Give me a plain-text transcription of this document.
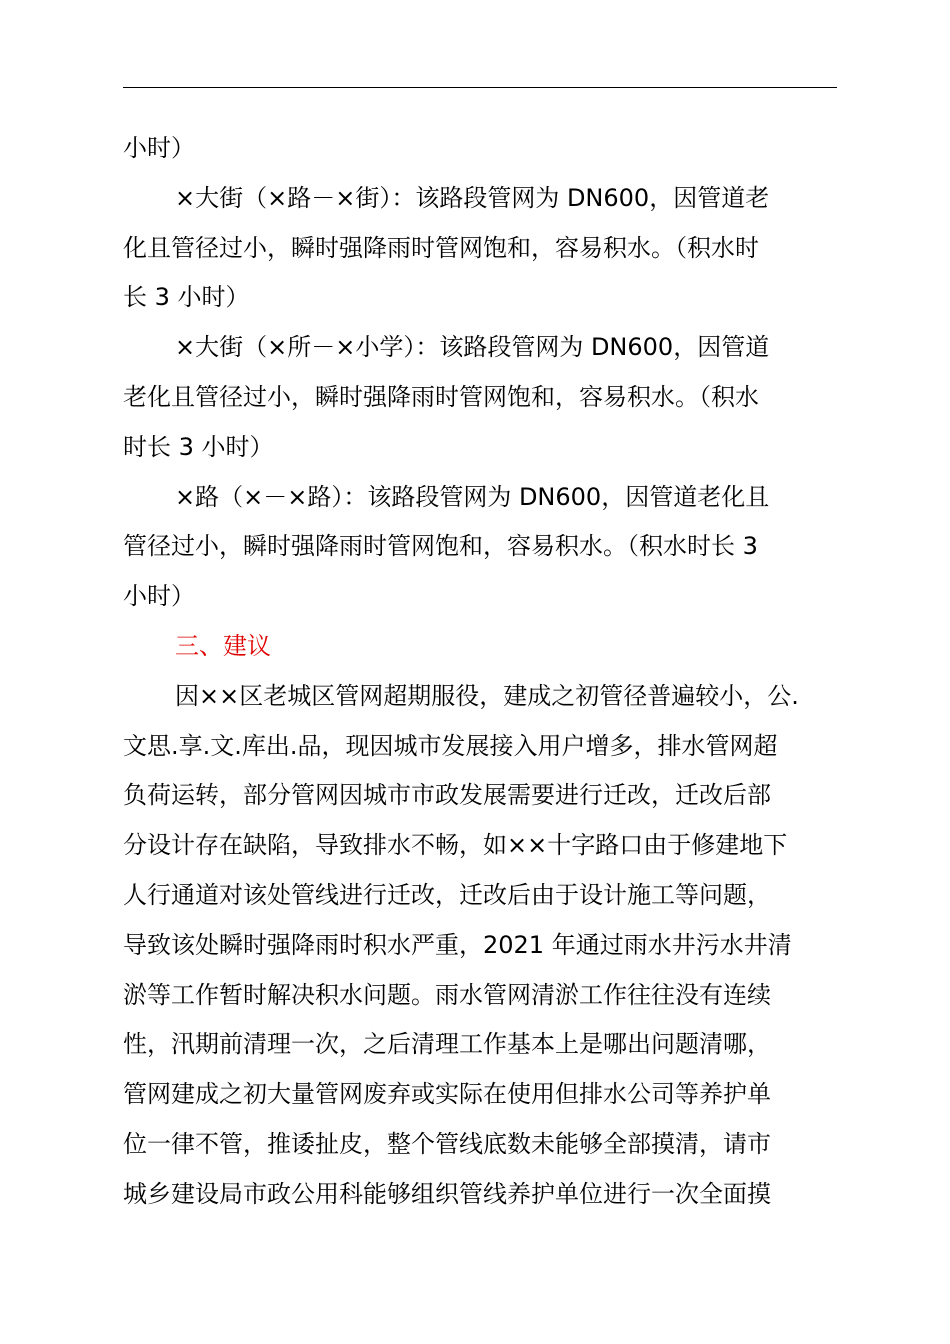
小时）
×大街（×路－×街）：该路段管网为 DN600，因管道老
化且管径过小，瞬时强降雨时管网饱和，容易积水。（积水时
长 3 小时）
×大街（×所－×小学）：该路段管网为 DN600，因管道
老化且管径过小，瞬时强降雨时管网饱和，容易积水。（积水
时长 3 小时）
×路（×－×路）：该路段管网为 DN600，因管道老化且
管径过小，瞬时强降雨时管网饱和，容易积水。（积水时长 3
小时）
三、建议
因××区老城区管网超期服役，建成之初管径普遍较小，公.
文思.享.文.库出.品，现因城市发展接入用户增多，排水管网超
负荷运转，部分管网因城市市政发展需要进行迁改，迁改后部
分设计存在缺陷，导致排水不畅，如××十字路口由于修建地下
人行通道对该处管线进行迁改，迁改后由于设计施工等问题，
导致该处瞬时强降雨时积水严重，2021 年通过雨水井污水井清
淤等工作暂时解决积水问题。雨水管网清淤工作往往没有连续
性，汛期前清理一次，之后清理工作基本上是哪出问题清哪，
管网建成之初大量管网废弃或实际在使用但排水公司等养护单
位一律不管，推诿扯皮，整个管线底数未能够全部摸清，请市
城乡建设局市政公用科能够组织管线养护单位进行一次全面摸
